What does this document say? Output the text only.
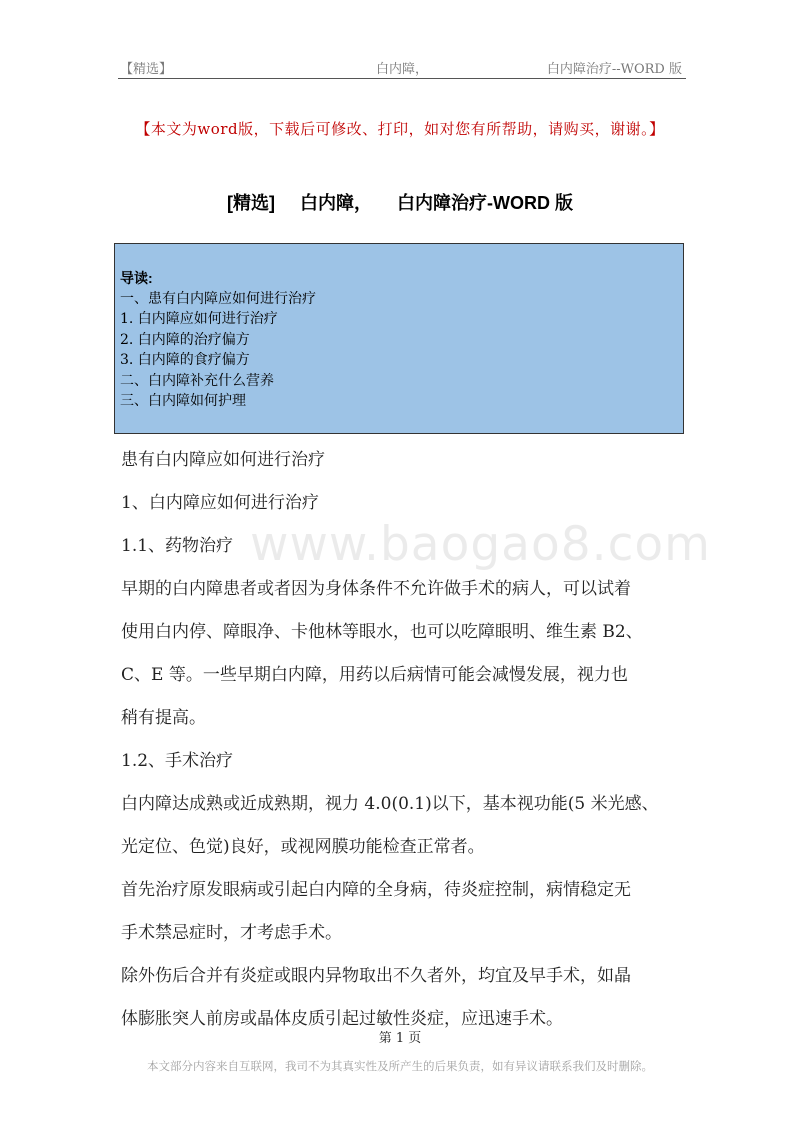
【精选】	白内障，	白内障治疗--WORD 版
【本文为word版，下载后可修改、打印，如对您有所帮助，请购买，谢谢。】
[精选] 白内障， 白内障治疗-WORD 版
导读:
一、患有白内障应如何进行治疗
1. 白内障应如何进行治疗
2. 白内障的治疗偏方
3. 白内障的食疗偏方
二、白内障补充什么营养
三、白内障如何护理
www.baogao8.com
患有白内障应如何进行治疗
1、白内障应如何进行治疗
1.1、药物治疗
早期的白内障患者或者因为身体条件不允许做手术的病人，可以试着
使用白内停、障眼净、卡他林等眼水，也可以吃障眼明、维生素 B2、
C、E 等。一些早期白内障，用药以后病情可能会减慢发展，视力也
稍有提高。
1.2、手术治疗
白内障达成熟或近成熟期，视力 4.0(0.1)以下，基本视功能(5 米光感、
光定位、色觉)良好，或视网膜功能检查正常者。
首先治疗原发眼病或引起白内障的全身病，待炎症控制，病情稳定无
手术禁忌症时，才考虑手术。
除外伤后合并有炎症或眼内异物取出不久者外，均宜及早手术，如晶
体膨胀突人前房或晶体皮质引起过敏性炎症，应迅速手术。
第 1 页
本文部分内容来自互联网，我司不为其真实性及所产生的后果负责，如有异议请联系我们及时删除。
